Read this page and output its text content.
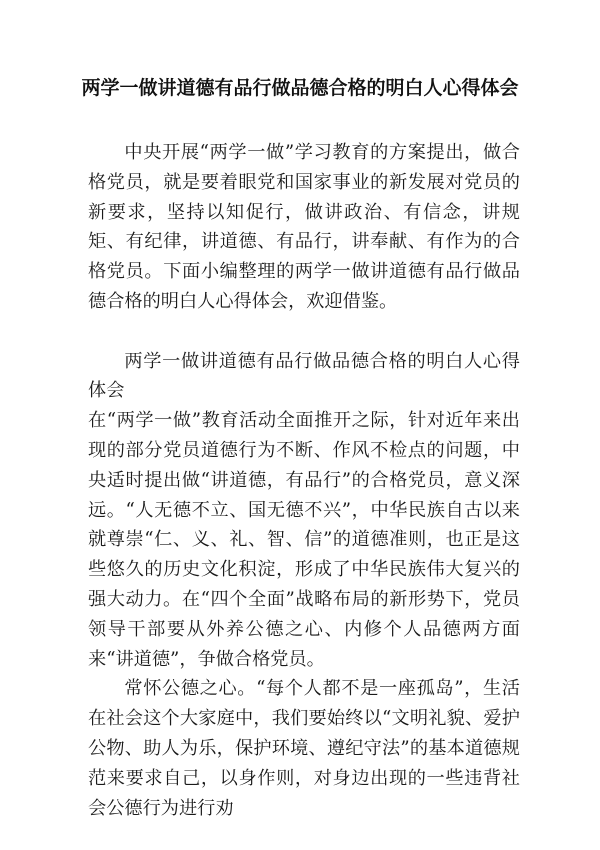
两学一做讲道德有品行做品德合格的明白人心得体会

中央开展“两学一做”学习教育的方案提出，做合格党员，就是要着眼党和国家事业的新发展对党员的新要求，坚持以知促行，做讲政治、有信念，讲规矩、有纪律，讲道德、有品行，讲奉献、有作为的合格党员。下面小编整理的两学一做讲道德有品行做品德合格的明白人心得体会，欢迎借鉴。

两学一做讲道德有品行做品德合格的明白人心得体会

在“两学一做”教育活动全面推开之际，针对近年来出现的部分党员道德行为不断、作风不检点的问题，中央适时提出做“讲道德，有品行”的合格党员，意义深远。“人无德不立、国无德不兴”，中华民族自古以来就尊崇“仁、义、礼、智、信”的道德准则，也正是这些悠久的历史文化积淀，形成了中华民族伟大复兴的强大动力。在“四个全面”战略布局的新形势下，党员领导干部要从外养公德之心、内修个人品德两方面来“讲道德”，争做合格党员。

常怀公德之心。“每个人都不是一座孤岛”，生活在社会这个大家庭中，我们要始终以“文明礼貌、爱护公物、助人为乐，保护环境、遵纪守法”的基本道德规范来要求自己，以身作则，对身边出现的一些违背社会公德行为进行劝
